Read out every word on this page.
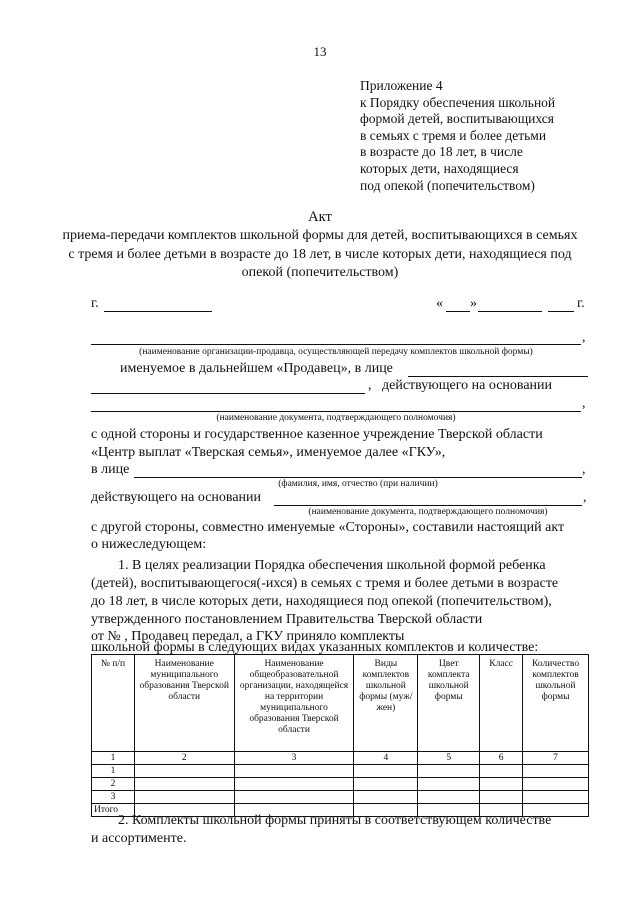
13
Приложение 4
к Порядку обеспечения школьной
формой детей, воспитывающихся
в семьях с тремя и более детьми
в возрасте до 18 лет, в числе
которых дети, находящиеся
под опекой (попечительством)
Акт
приема-передачи комплектов школьной формы для детей, воспитывающихся в семьях с тремя и более детьми в возрасте до 18 лет, в числе которых дети, находящиеся под опекой (попечительством)
г.	« »	г.
,
(наименование организации-продавца, осуществляющей передачу комплектов школьной формы)
именуемое в дальнейшем «Продавец», в лице
, действующего на основании
,
(наименование документа, подтверждающего полномочия)
с одной стороны и государственное казенное учреждение Тверской области
«Центр выплат «Тверская семья», именуемое далее «ГКУ»,
в лице	,
(фамилия, имя, отчество (при наличии)
действующего на основании	,
(наименование документа, подтверждающего полномочия)
с другой стороны, совместно именуемые «Стороны», составили настоящий акт
о нижеследующем:
1. В целях реализации Порядка обеспечения школьной формой ребенка
(детей), воспитывающегося(-ихся) в семьях с тремя и более детьми в возрасте
до 18 лет, в числе которых дети, находящиеся под опекой (попечительством),
утвержденного постановлением Правительства Тверской области
от № , Продавец передал, а ГКУ приняло комплекты
школьной формы в следующих видах указанных комплектов и количестве:
№ п/п	Наименование муниципального образования Тверской области	Наименование общеобразовательной организации, находящейся на территории муниципального образования Тверской области	Виды комплектов школьной формы (муж/жен)	Цвет комплекта школьной формы	Класс	Количество комплектов школьной формы
1	2	3	4	5	6	7
1						
2						
3						
Итого						
2. Комплекты школьной формы приняты в соответствующем количестве
и ассортименте.
